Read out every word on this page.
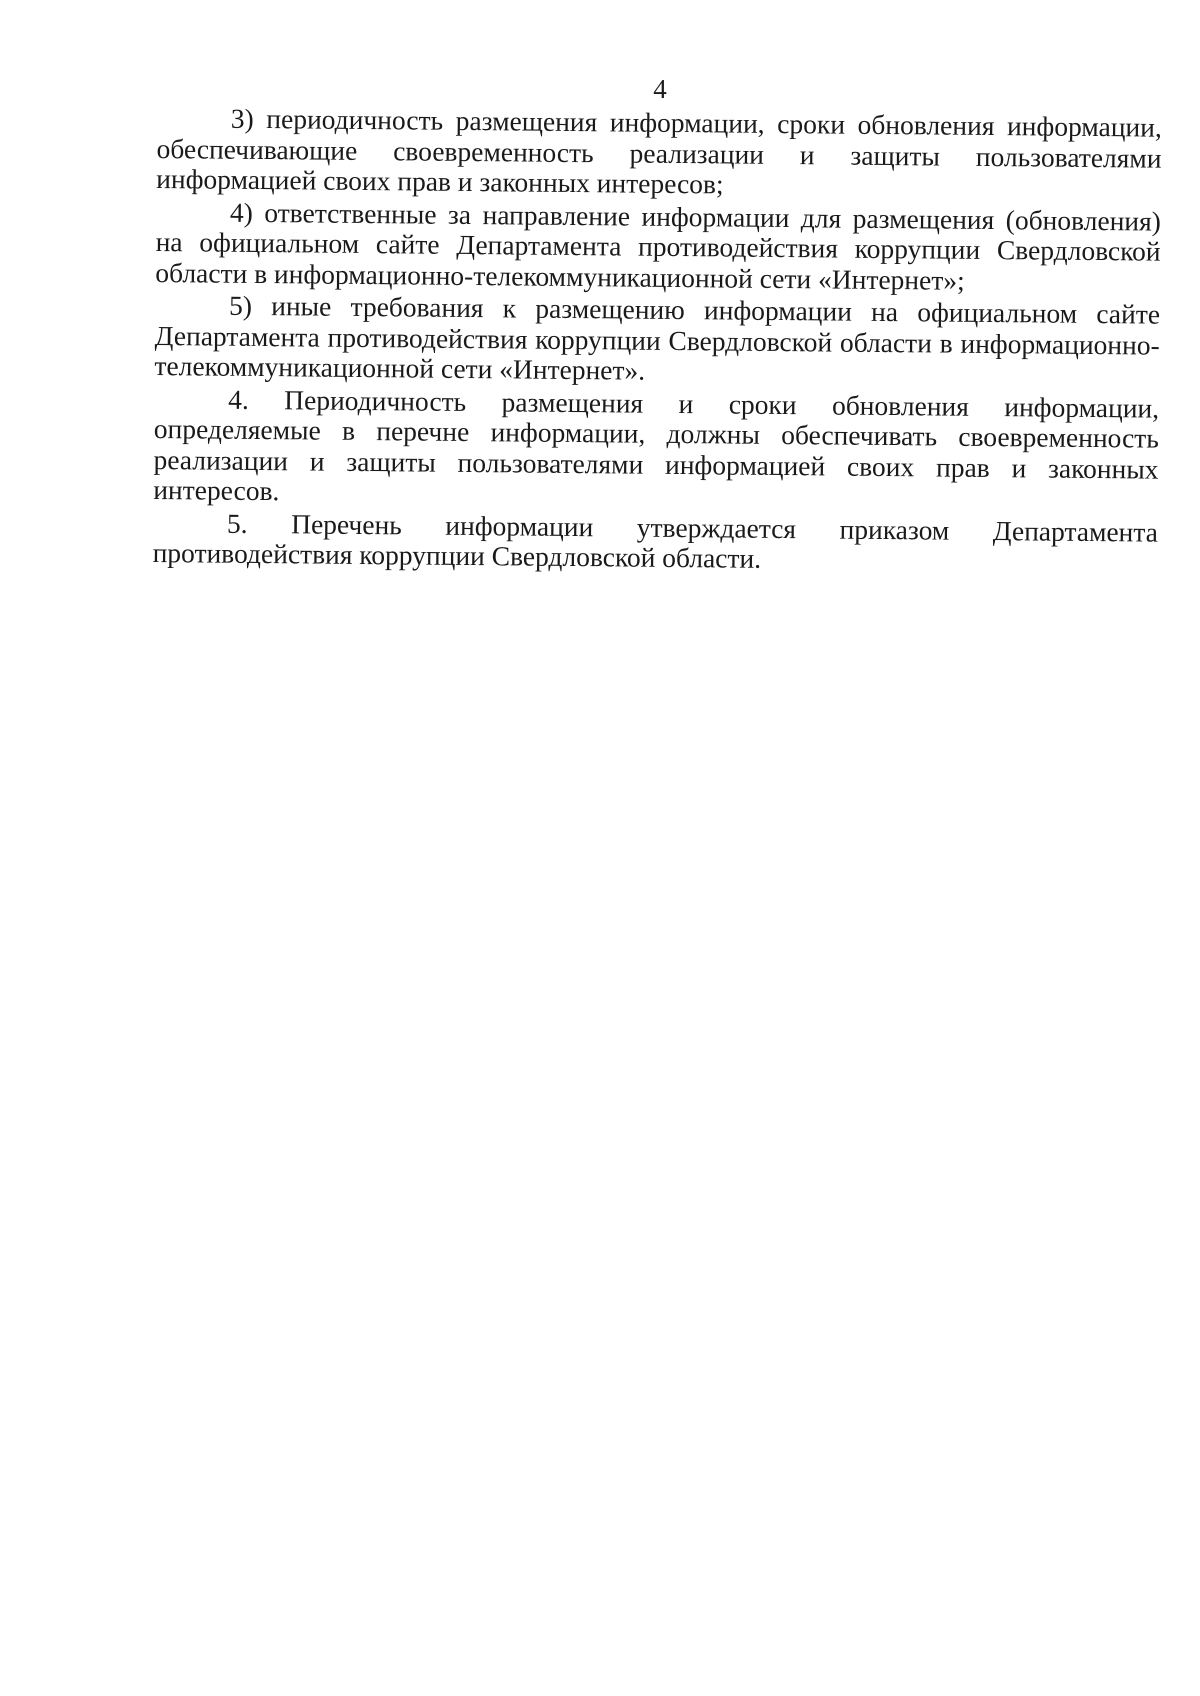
4

3) периодичность размещения информации, сроки обновления информации, обеспечивающие своевременность реализации и защиты пользователями информацией своих прав и законных интересов;

4) ответственные за направление информации для размещения (обновления) на официальном сайте Департамента противодействия коррупции Свердловской области в информационно-телекоммуникационной сети «Интернет»;

5) иные требования к размещению информации на официальном сайте Департамента противодействия коррупции Свердловской области в информационно-телекоммуникационной сети «Интернет».

4. Периодичность размещения и сроки обновления информации, определяемые в перечне информации, должны обеспечивать своевременность реализации и защиты пользователями информацией своих прав и законных интересов.

5. Перечень информации утверждается приказом Департамента противодействия коррупции Свердловской области.
